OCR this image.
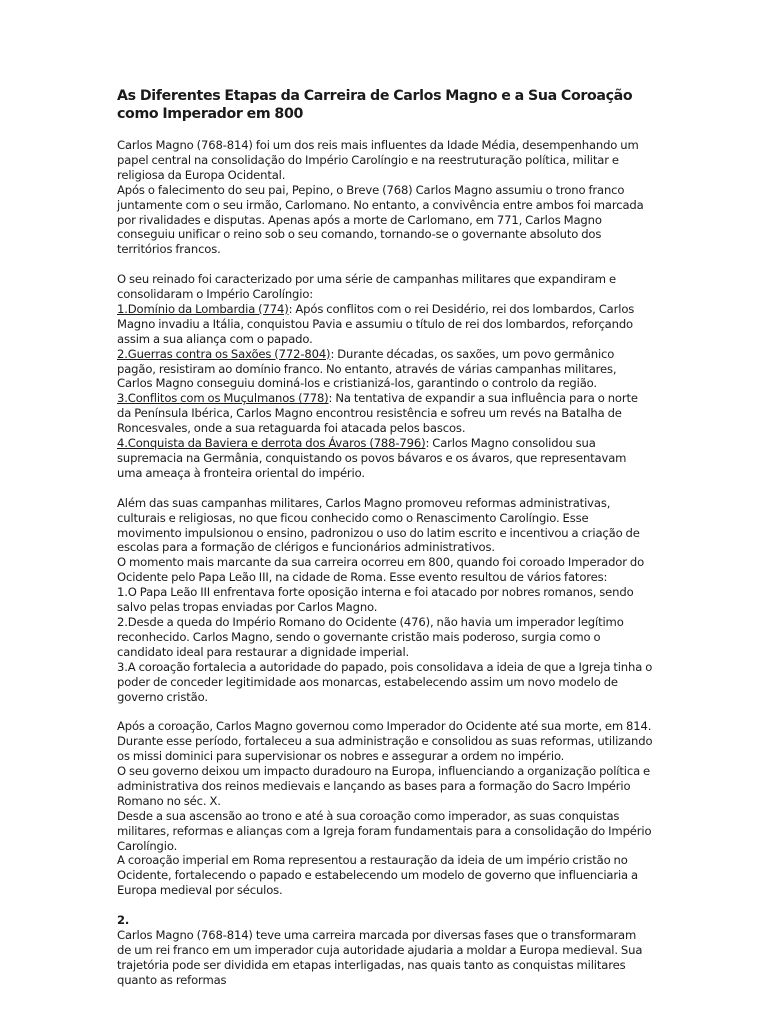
As Diferentes Etapas da Carreira de Carlos Magno e a Sua Coroação como Imperador em 800

Carlos Magno (768-814) foi um dos reis mais influentes da Idade Média, desempenhando um papel central na consolidação do Império Carolíngio e na reestruturação política, militar e religiosa da Europa Ocidental.

Após o falecimento do seu pai, Pepino, o Breve (768) Carlos Magno assumiu o trono franco juntamente com o seu irmão, Carlomano. No entanto, a convivência entre ambos foi marcada por rivalidades e disputas. Apenas após a morte de Carlomano, em 771, Carlos Magno conseguiu unificar o reino sob o seu comando, tornando-se o governante absoluto dos territórios francos.

O seu reinado foi caracterizado por uma série de campanhas militares que expandiram e consolidaram o Império Carolíngio:

1.Domínio da Lombardia (774): Após conflitos com o rei Desidério, rei dos lombardos, Carlos Magno invadiu a Itália, conquistou Pavia e assumiu o título de rei dos lombardos, reforçando assim a sua aliança com o papado.

2.Guerras contra os Saxões (772-804): Durante décadas, os saxões, um povo germânico pagão, resistiram ao domínio franco. No entanto, através de várias campanhas militares, Carlos Magno conseguiu dominá-los e cristianizá-los, garantindo o controlo da região.

3.Conflitos com os Muçulmanos (778): Na tentativa de expandir a sua influência para o norte da Península Ibérica, Carlos Magno encontrou resistência e sofreu um revés na Batalha de Roncesvales, onde a sua retaguarda foi atacada pelos bascos.

4.Conquista da Baviera e derrota dos Ávaros (788-796): Carlos Magno consolidou sua supremacia na Germânia, conquistando os povos bávaros e os ávaros, que representavam uma ameaça à fronteira oriental do império.

Além das suas campanhas militares, Carlos Magno promoveu reformas administrativas, culturais e religiosas, no que ficou conhecido como o Renascimento Carolíngio. Esse movimento impulsionou o ensino, padronizou o uso do latim escrito e incentivou a criação de escolas para a formação de clérigos e funcionários administrativos.

O momento mais marcante da sua carreira ocorreu em 800, quando foi coroado Imperador do Ocidente pelo Papa Leão III, na cidade de Roma. Esse evento resultou de vários fatores:

1.O Papa Leão III enfrentava forte oposição interna e foi atacado por nobres romanos, sendo salvo pelas tropas enviadas por Carlos Magno.

2.Desde a queda do Império Romano do Ocidente (476), não havia um imperador legítimo reconhecido. Carlos Magno, sendo o governante cristão mais poderoso, surgia como o candidato ideal para restaurar a dignidade imperial.

3.A coroação fortalecia a autoridade do papado, pois consolidava a ideia de que a Igreja tinha o poder de conceder legitimidade aos monarcas, estabelecendo assim um novo modelo de governo cristão.

Após a coroação, Carlos Magno governou como Imperador do Ocidente até sua morte, em 814. Durante esse período, fortaleceu a sua administração e consolidou as suas reformas, utilizando os missi dominici para supervisionar os nobres e assegurar a ordem no império.

O seu governo deixou um impacto duradouro na Europa, influenciando a organização política e administrativa dos reinos medievais e lançando as bases para a formação do Sacro Império Romano no séc. X.

Desde a sua ascensão ao trono e até à sua coroação como imperador, as suas conquistas militares, reformas e alianças com a Igreja foram fundamentais para a consolidação do Império Carolíngio.

A coroação imperial em Roma representou a restauração da ideia de um império cristão no Ocidente, fortalecendo o papado e estabelecendo um modelo de governo que influenciaria a Europa medieval por séculos.

2.

Carlos Magno (768-814) teve uma carreira marcada por diversas fases que o transformaram de um rei franco em um imperador cuja autoridade ajudaria a moldar a Europa medieval. Sua trajetória pode ser dividida em etapas interligadas, nas quais tanto as conquistas militares quanto as reformas
